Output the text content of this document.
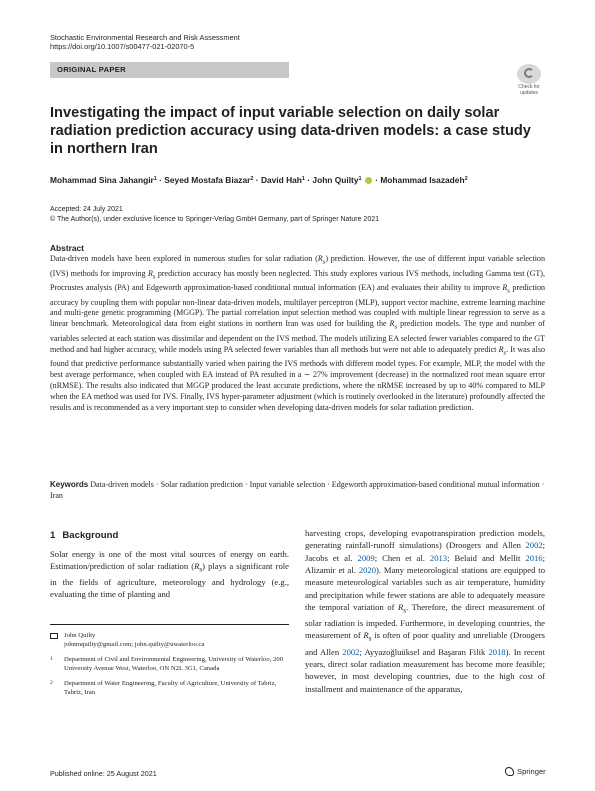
Stochastic Environmental Research and Risk Assessment
https://doi.org/10.1007/s00477-021-02070-5
ORIGINAL PAPER
Check for
updates
Investigating the impact of input variable selection on daily solar radiation prediction accuracy using data-driven models: a case study in northern Iran
Mohammad Sina Jahangir$^1$ · Seyed Mostafa Biazar$^2$ · David Hah$^1$ · John Quilty$^1$  · Mohammad Isazadeh$^2$
Accepted: 24 July 2021
© The Author(s), under exclusive licence to Springer-Verlag GmbH Germany, part of Springer Nature 2021
Abstract
Data-driven models have been explored in numerous studies for solar radiation $(R_s)$ prediction. However, the use of different input variable selection (IVS) methods for improving $R_s$ prediction accuracy has mostly been neglected. This study explores various IVS methods, including Gamma test (GT), Procrustes analysis (PA) and Edgeworth approximation-based conditional mutual information (EA) and evaluates their ability to improve $R_s$ prediction accuracy by coupling them with popular non-linear data-driven models, multilayer perceptron (MLP), support vector machine, extreme learning machine and multi-gene genetic programming (MGGP). The partial correlation input selection method was coupled with multiple linear regression to serve as a linear benchmark. Meteorological data from eight stations in northern Iran was used for building the $R_s$ prediction models. The type and number of variables selected at each station was dissimilar and dependent on the IVS method. The models utilizing EA selected fewer variables compared to the GT method and had higher accuracy, while models using PA selected fewer variables than all methods but were not able to adequately predict $R_s$. It was also found that predictive performance substantially varied when pairing the IVS methods with different model types. For example, MLP, the model with the best average performance, when coupled with EA instead of PA resulted in a ∼ 27% improvement (decrease) in the normalized root mean square error (nRMSE). The results also indicated that MGGP produced the least accurate predictions, where the nRMSE increased by up to 40% compared to MLP when the EA method was used for IVS. Finally, IVS hyper-parameter adjustment (which is routinely overlooked in the literature) profoundly affected the results and is recommended as a very important step to consider when developing data-driven models for solar radiation prediction.
Keywords Data-driven models · Solar radiation prediction · Input variable selection · Edgeworth approximation-based conditional mutual information · Iran
1 Background
Solar energy is one of the most vital sources of energy on earth. Estimation/prediction of solar radiation $(R_s)$ plays a significant role in the fields of agriculture, meteorology and hydrology (e.g., evaluating the time of planting and
harvesting crops, developing evapotranspiration prediction models, generating rainfall-runoff simulations) (Droogers and Allen 2002; Jacobs et al. 2009; Chen et al. 2013; Belaid and Mellit 2016; Alizamir et al. 2020). Many meteorological stations are equipped to measure meteorological variables such as air temperature, humidity and precipitation while fewer stations are able to adequately measure the temporal variation of $R_s$. Therefore, the direct measurement of solar radiation is impeded. Furthermore, in developing countries, the measurement of $R_s$ is often of poor quality and unreliable (Droogers and Allen 2002; Ayyazoğluüksel and Başaran Filik 2018). In recent years, direct solar radiation measurement has become more feasible; however, in most developing countries, due to the high cost of installment and maintenance of the apparatus,
John Quilty
johnmquilty@gmail.com; john.quilty@uwaterloo.ca
$^1$	Department of Civil and Environmental Engineering, University of Waterloo, 200 University Avenue West, Waterloo, ON N2L 3G1, Canada
$^2$	Department of Water Engineering, Faculty of Agriculture, University of Tabriz, Tabriz, Iran
Published online: 25 August 2021	Springer
